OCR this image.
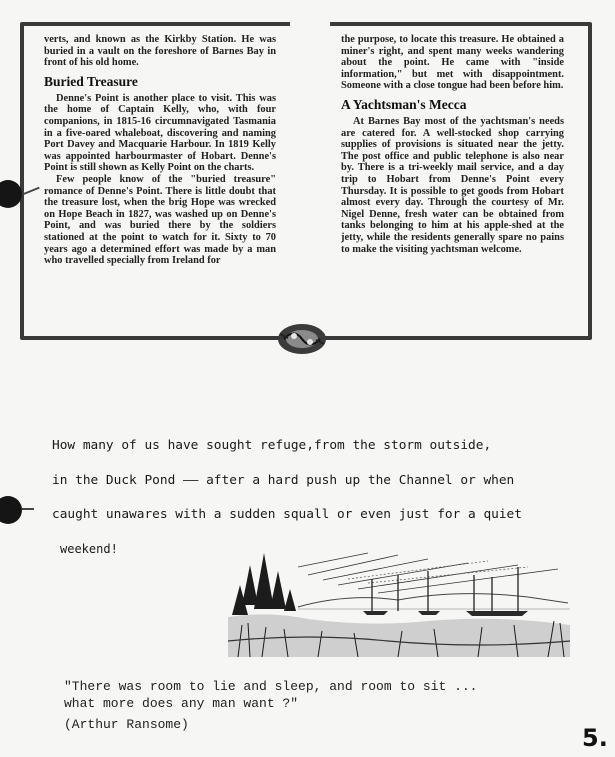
verts, and known as the Kirkby Station. He was buried in a vault on the foreshore of Barnes Bay in front of his old home.

Buried Treasure

Denne's Point is another place to visit. This was the home of Captain Kelly, who, with four companions, in 1815-16 circumnavigated Tasmania in a five-oared whaleboat, discovering and naming Port Davey and Macquarie Harbour. In 1819 Kelly was appointed harbourmaster of Hobart. Denne's Point is still shown as Kelly Point on the charts.

Few people know of the "buried treasure" romance of Denne's Point. There is little doubt that the treasure lost, when the brig Hope was wrecked on Hope Beach in 1827, was washed up on Denne's Point, and was buried there by the soldiers stationed at the point to watch for it. Sixty to 70 years ago a determined effort was made by a man who travelled specially from Ireland for

the purpose, to locate this treasure. He obtained a miner's right, and spent many weeks wandering about the point. He came with "inside information," but met with disappointment. Someone with a close tongue had been before him.

A Yachtsman's Mecca

At Barnes Bay most of the yachtsman's needs are catered for. A well-stocked shop carrying supplies of provisions is situated near the jetty. The post office and public telephone is also near by. There is a tri-weekly mail service, and a day trip to Hobart from Denne's Point every Thursday. It is possible to get goods from Hobart almost every day. Through the courtesy of Mr. Nigel Denne, fresh water can be obtained from tanks belonging to him at his apple-shed at the jetty, while the residents generally spare no pains to make the visiting yachtsman welcome.

How many of us have sought refuge,from the storm outside,
in the Duck Pond —— after a hard push up the Channel or when
caught unawares with a sudden squall or even just for a quiet
weekend!
"There was room to lie and sleep, and room to sit ...
what more does any man want ?"
(Arthur Ransome)	5.
